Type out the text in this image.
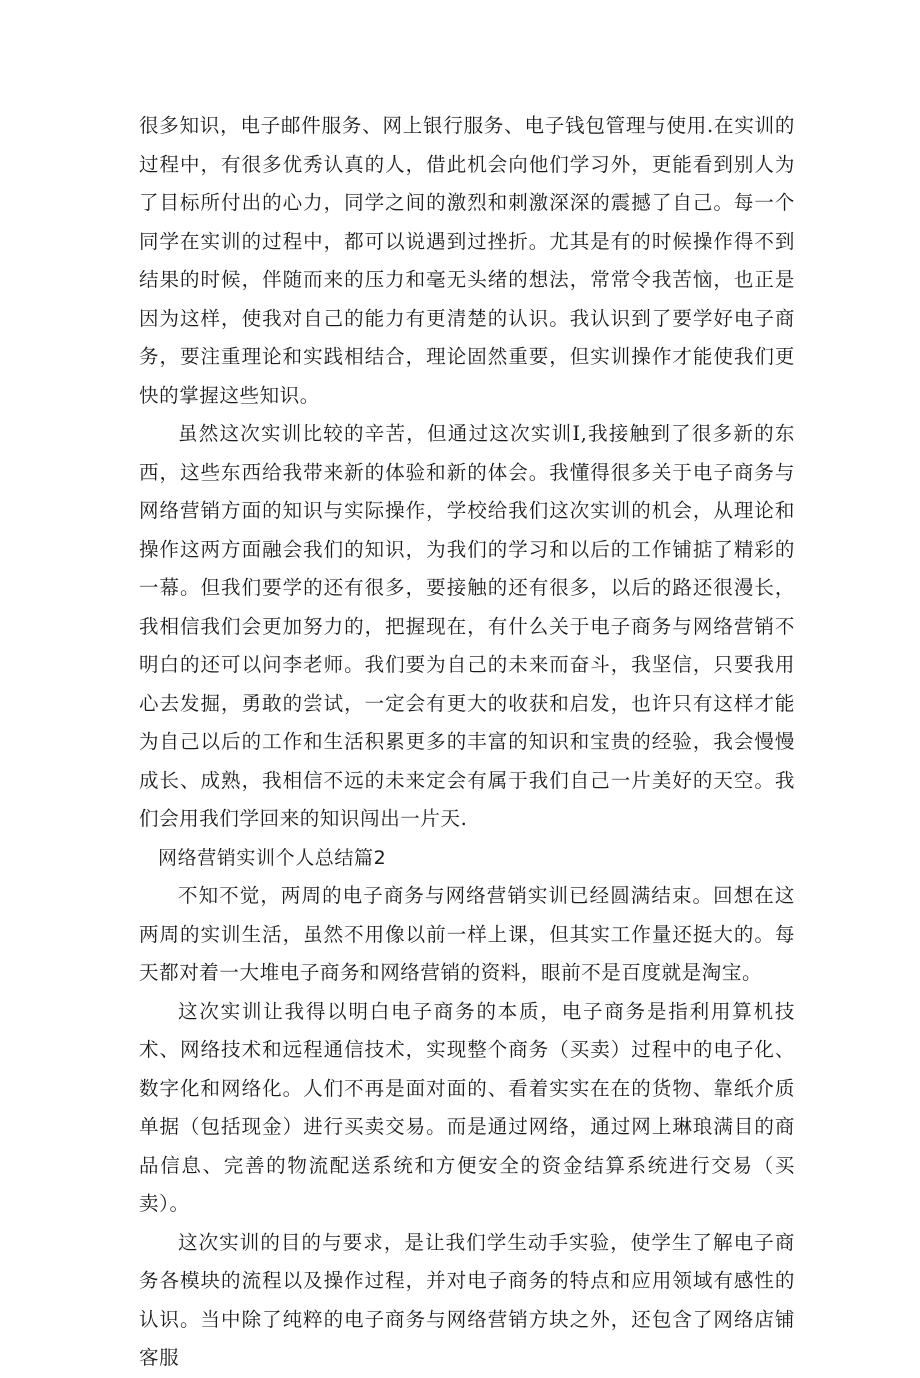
很多知识，电子邮件服务、网上银行服务、电子钱包管理与使用.在实训的过程中，有很多优秀认真的人，借此机会向他们学习外，更能看到别人为了目标所付出的心力，同学之间的激烈和刺激深深的震撼了自己。每一个同学在实训的过程中，都可以说遇到过挫折。尤其是有的时候操作得不到结果的时候，伴随而来的压力和毫无头绪的想法，常常令我苦恼，也正是因为这样，使我对自己的能力有更清楚的认识。我认识到了要学好电子商务，要注重理论和实践相结合，理论固然重要，但实训操作才能使我们更快的掌握这些知识。

虽然这次实训比较的辛苦，但通过这次实训I,我接触到了很多新的东西，这些东西给我带来新的体验和新的体会。我懂得很多关于电子商务与网络营销方面的知识与实际操作，学校给我们这次实训的机会，从理论和操作这两方面融会我们的知识，为我们的学习和以后的工作铺掂了精彩的一幕。但我们要学的还有很多，要接触的还有很多，以后的路还很漫长，我相信我们会更加努力的，把握现在，有什么关于电子商务与网络营销不明白的还可以问李老师。我们要为自己的未来而奋斗，我坚信，只要我用心去发掘，勇敢的尝试，一定会有更大的收获和启发，也许只有这样才能为自己以后的工作和生活积累更多的丰富的知识和宝贵的经验，我会慢慢成长、成熟，我相信不远的未来定会有属于我们自己一片美好的天空。我们会用我们学回来的知识闯出一片天.

网络营销实训个人总结篇2

不知不觉，两周的电子商务与网络营销实训已经圆满结束。回想在这两周的实训生活，虽然不用像以前一样上课，但其实工作量还挺大的。每天都对着一大堆电子商务和网络营销的资料，眼前不是百度就是淘宝。

这次实训让我得以明白电子商务的本质，电子商务是指利用算机技术、网络技术和远程通信技术，实现整个商务（买卖）过程中的电子化、数字化和网络化。人们不再是面对面的、看着实实在在的货物、靠纸介质单据（包括现金）进行买卖交易。而是通过网络，通过网上琳琅满目的商品信息、完善的物流配送系统和方便安全的资金结算系统进行交易（买卖）。

这次实训的目的与要求，是让我们学生动手实验，使学生了解电子商务各模块的流程以及操作过程，并对电子商务的特点和应用领域有感性的认识。当中除了纯粹的电子商务与网络营销方块之外，还包含了网络店铺客服
